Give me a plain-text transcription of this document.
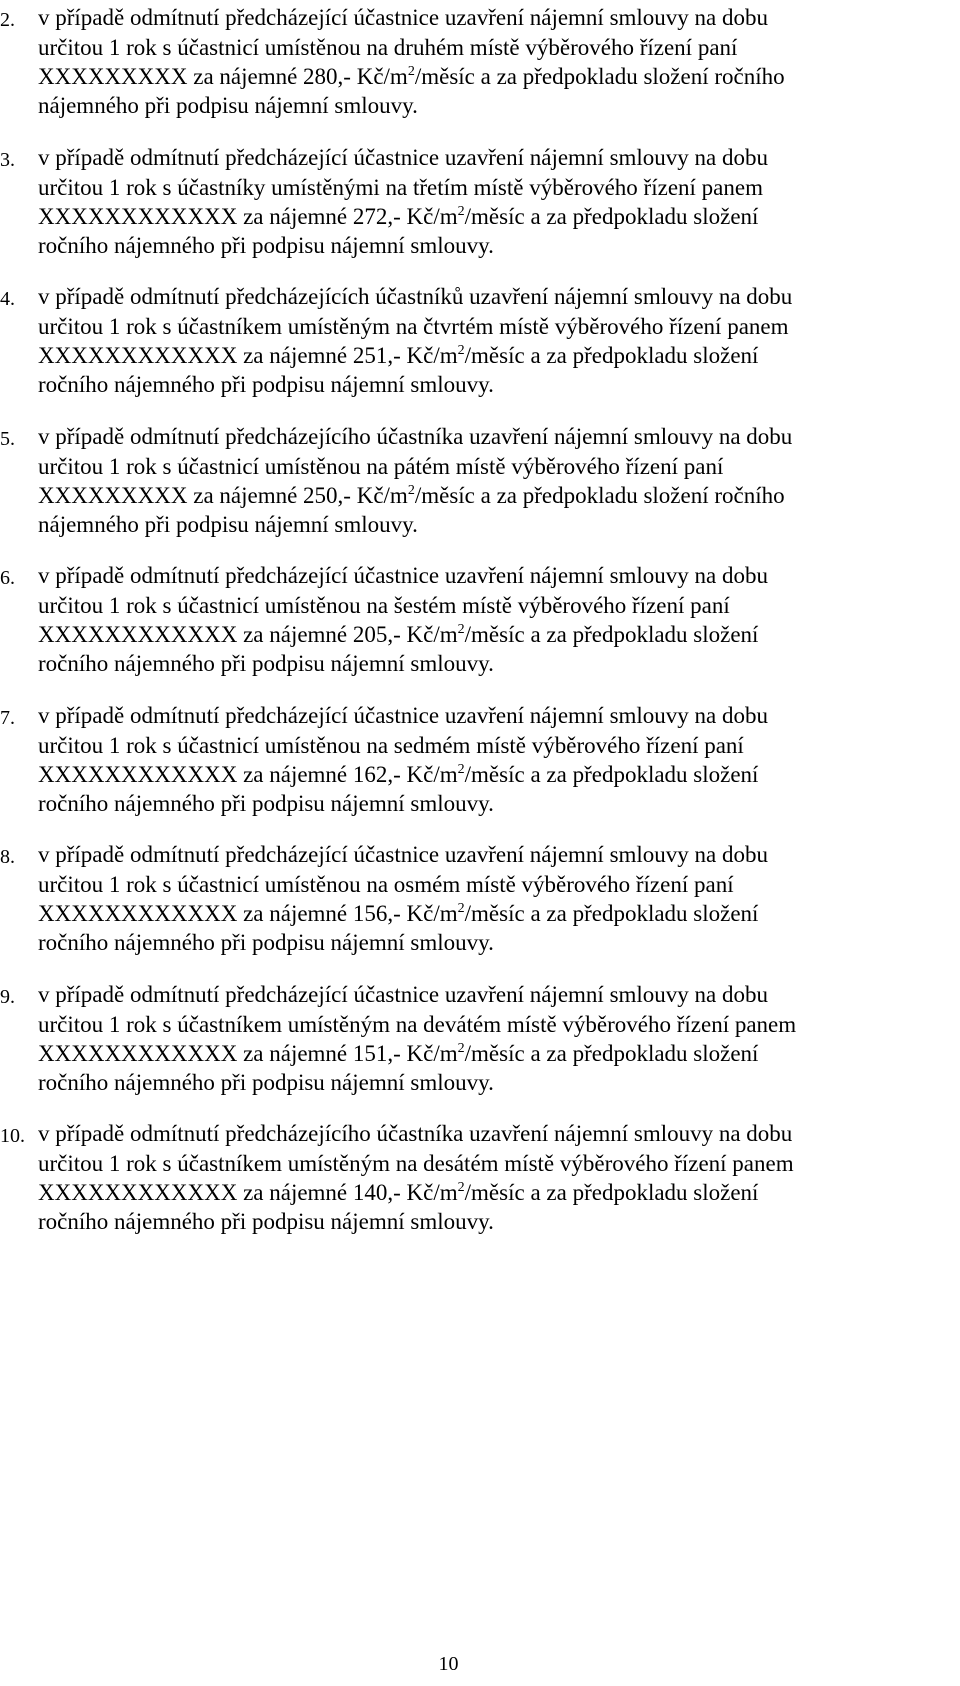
2. v případě odmítnutí předcházející účastnice uzavření nájemní smlouvy na dobu
určitou 1 rok s účastnicí umístěnou na druhém místě výběrového řízení paní
XXXXXXXXX za nájemné 280,- $Kč/m^2$/měsíc a za předpokladu složení ročního
nájemného při podpisu nájemní smlouvy.
3. v případě odmítnutí předcházející účastnice uzavření nájemní smlouvy na dobu
určitou 1 rok s účastníky umístěnými na třetím místě výběrového řízení panem
XXXXXXXXXXXX za nájemné 272,- $Kč/m^2$/měsíc a za předpokladu složení
ročního nájemného při podpisu nájemní smlouvy.
4. v případě odmítnutí předcházejících účastníků uzavření nájemní smlouvy na dobu
určitou 1 rok s účastníkem umístěným na čtvrtém místě výběrového řízení panem
XXXXXXXXXXXX za nájemné 251,- $Kč/m^2$/měsíc a za předpokladu složení
ročního nájemného při podpisu nájemní smlouvy.
5. v případě odmítnutí předcházejícího účastníka uzavření nájemní smlouvy na dobu
určitou 1 rok s účastnicí umístěnou na pátém místě výběrového řízení paní
XXXXXXXXX za nájemné 250,- $Kč/m^2$/měsíc a za předpokladu složení ročního
nájemného při podpisu nájemní smlouvy.
6. v případě odmítnutí předcházející účastnice uzavření nájemní smlouvy na dobu
určitou 1 rok s účastnicí umístěnou na šestém místě výběrového řízení paní
XXXXXXXXXXXX za nájemné 205,- $Kč/m^2$/měsíc a za předpokladu složení
ročního nájemného při podpisu nájemní smlouvy.
7. v případě odmítnutí předcházející účastnice uzavření nájemní smlouvy na dobu
určitou 1 rok s účastnicí umístěnou na sedmém místě výběrového řízení paní
XXXXXXXXXXXX za nájemné 162,- $Kč/m^2$/měsíc a za předpokladu složení
ročního nájemného při podpisu nájemní smlouvy.
8. v případě odmítnutí předcházející účastnice uzavření nájemní smlouvy na dobu
určitou 1 rok s účastnicí umístěnou na osmém místě výběrového řízení paní
XXXXXXXXXXXX za nájemné 156,- $Kč/m^2$/měsíc a za předpokladu složení
ročního nájemného při podpisu nájemní smlouvy.
9. v případě odmítnutí předcházející účastnice uzavření nájemní smlouvy na dobu
určitou 1 rok s účastníkem umístěným na devátém místě výběrového řízení panem
XXXXXXXXXXXX za nájemné 151,- $Kč/m^2$/měsíc a za předpokladu složení
ročního nájemného při podpisu nájemní smlouvy.
10. v případě odmítnutí předcházejícího účastníka uzavření nájemní smlouvy na dobu
určitou 1 rok s účastníkem umístěným na desátém místě výběrového řízení panem
XXXXXXXXXXXX za nájemné 140,- $Kč/m^2$/měsíc a za předpokladu složení
ročního nájemného při podpisu nájemní smlouvy.
10
